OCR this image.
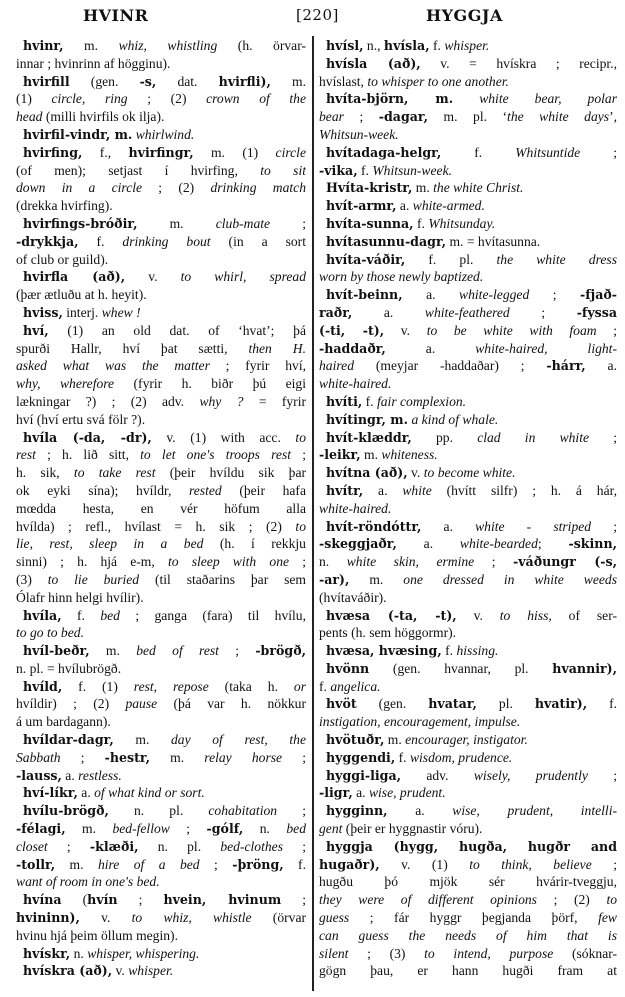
HVINR	[220]	HYGGJA
hvinr, m. whiz, whistling (h. örvar-
innar ; hvinrinn af högginu).
hvirfill (gen. -s, dat. hvirfli), m.
(1) circle, ring ; (2) crown of the
head (milli hvirfils ok ilja).
hvirfil-vindr, m. whirlwind.
hvirfing, f., hvirfingr, m. (1) circle
(of men); setjast í hvirfing, to sit
down in a circle ; (2) drinking match
(drekka hvirfing).
hvirfings-bróðir, m. club-mate ;
-drykkja, f. drinking bout (in a sort
of club or guild).
hvirfla (að), v. to whirl, spread
(þær ætluðu at h. heyit).
hviss, interj. whew !
hví, (1) an old dat. of ‘hvat’; þá
spurði Hallr, hví þat sætti, then H.
asked what was the matter ; fyrir hví,
why, wherefore (fyrir h. biðr þú eigi
lækningar ?) ; (2) adv. why ? = fyrir
hví (hví ertu svá fölr ?).
hvíla (-da, -dr), v. (1) with acc. to
rest ; h. lið sitt, to let one's troops rest ;
h. sik, to take rest (þeir hvíldu sik þar
ok eyki sína); hvíldr, rested (þeir hafa
mœdda hesta, en vér höfum alla
hvílda) ; refl., hvílast = h. sik ; (2) to
lie, rest, sleep in a bed (h. í rekkju
sinni) ; h. hjá e-m, to sleep with one ;
(3) to lie buried (til staðarins þar sem
Ólafr hinn helgi hvílir).
hvíla, f. bed ; ganga (fara) til hvílu,
to go to bed.
hvíl-beðr, m. bed of rest ; -brögð,
n. pl. = hvílubrögð.
hvíld, f. (1) rest, repose (taka h. or
hvíldir) ; (2) pause (þá var h. nökkur
á um bardagann).
hvíldar-dagr, m. day of rest, the
Sabbath ; -hestr, m. relay horse ;
-lauss, a. restless.
hví-líkr, a. of what kind or sort.
hvílu-brögð, n. pl. cohabitation ;
-félagi, m. bed-fellow ; -gólf, n. bed
closet ; -klæði, n. pl. bed-clothes ;
-tollr, m. hire of a bed ; -þröng, f.
want of room in one's bed.
hvína (hvín ; hvein, hvinum ;
hvininn), v. to whiz, whistle (örvar
hvinu hjá þeim öllum megin).
hvískr, n. whisper, whispering.
hvískra (að), v. whisper.
hvísl, n., hvísla, f. whisper.
hvísla (að), v. = hvískra ; recipr.,
hvíslast, to whisper to one another.
hvíta-björn, m. white bear, polar
bear ; -dagar, m. pl. ‘the white days’,
Whitsun-week.
hvítadaga-helgr, f. Whitsuntide ;
-vika, f. Whitsun-week.
Hvíta-kristr, m. the white Christ.
hvít-armr, a. white-armed.
hvíta-sunna, f. Whitsunday.
hvítasunnu-dagr, m. = hvítasunna.
hvíta-váðir, f. pl. the white dress
worn by those newly baptized.
hvít-beinn, a. white-legged ; -fjað-
raðr, a. white-feathered ; -fyssa
(-ti, -t), v. to be white with foam ;
-haddaðr, a. white-haired, light-
haired (meyjar -haddaðar) ; -hárr, a.
white-haired.
hvíti, f. fair complexion.
hvítingr, m. a kind of whale.
hvít-klæddr, pp. clad in white ;
-leikr, m. whiteness.
hvítna (að), v. to become white.
hvítr, a. white (hvítt silfr) ; h. á hár,
white-haired.
hvít-röndóttr, a. white - striped ;
-skeggjaðr, a. white-bearded; -skinn,
n. white skin, ermine ; -váðungr (-s,
-ar), m. one dressed in white weeds
(hvítaváðir).
hvæsa (-ta, -t), v. to hiss, of ser-
pents (h. sem höggormr).
hvæsa, hvæsing, f. hissing.
hvönn (gen. hvannar, pl. hvannir),
f. angelica.
hvöt (gen. hvatar, pl. hvatir), f.
instigation, encouragement, impulse.
hvötuðr, m. encourager, instigator.
hyggendi, f. wisdom, prudence.
hyggi-liga, adv. wisely, prudently ;
-ligr, a. wise, prudent.
hygginn, a. wise, prudent, intelli-
gent (þeir er hyggnastir vóru).
hyggja (hygg, hugða, hugðr and
hugaðr), v. (1) to think, believe ;
hugðu þó mjök sér hvárir-tveggju,
they were of different opinions ; (2) to
guess ; fár hyggr þegjanda þörf, few
can guess the needs of him that is
silent ; (3) to intend, purpose (sóknar-
gögn þau, er hann hugði fram at
